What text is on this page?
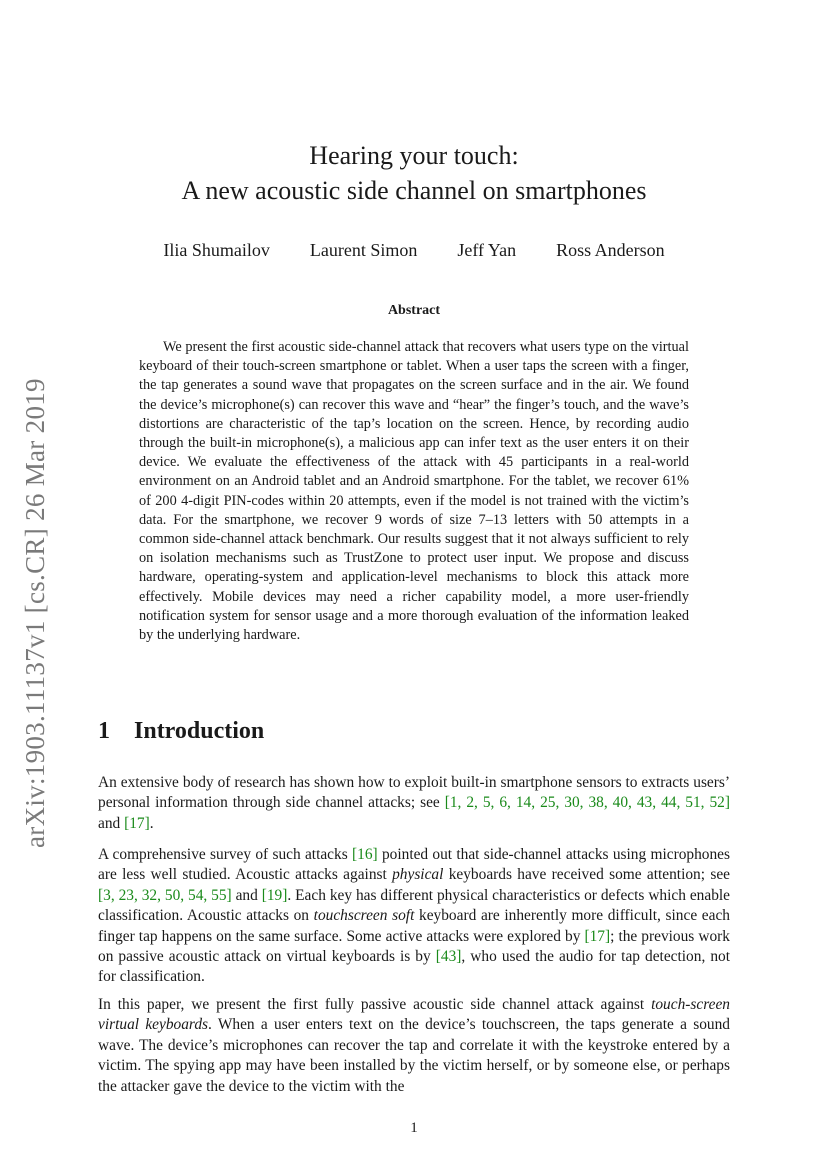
arXiv:1903.11137v1 [cs.CR] 26 Mar 2019
Hearing your touch:
A new acoustic side channel on smartphones
Ilia Shumailov Laurent Simon Jeff Yan Ross Anderson
Abstract
We present the first acoustic side-channel attack that recovers what users type on the virtual keyboard of their touch-screen smartphone or tablet. When a user taps the screen with a finger, the tap generates a sound wave that propagates on the screen surface and in the air. We found the device’s microphone(s) can recover this wave and “hear” the finger’s touch, and the wave’s distortions are characteristic of the tap’s location on the screen. Hence, by recording audio through the built-in microphone(s), a malicious app can infer text as the user enters it on their device. We evaluate the effectiveness of the attack with 45 participants in a real-world environment on an Android tablet and an Android smartphone. For the tablet, we recover 61% of 200 4-digit PIN-codes within 20 attempts, even if the model is not trained with the victim’s data. For the smartphone, we recover 9 words of size 7–13 letters with 50 attempts in a common side-channel attack benchmark. Our results suggest that it not always sufficient to rely on isolation mechanisms such as TrustZone to protect user input. We propose and discuss hardware, operating-system and application-level mechanisms to block this attack more effectively. Mobile devices may need a richer capability model, a more user-friendly notification system for sensor usage and a more thorough evaluation of the information leaked by the underlying hardware.
1 Introduction

An extensive body of research has shown how to exploit built-in smartphone sensors to extracts users’ personal information through side channel attacks; see [1, 2, 5, 6, 14, 25, 30, 38, 40, 43, 44, 51, 52] and [17].

A comprehensive survey of such attacks [16] pointed out that side-channel attacks using microphones are less well studied. Acoustic attacks against physical keyboards have received some attention; see [3, 23, 32, 50, 54, 55] and [19]. Each key has different physical characteristics or defects which enable classification. Acoustic attacks on touchscreen soft keyboard are inherently more difficult, since each finger tap happens on the same surface. Some active attacks were explored by [17]; the previous work on passive acoustic attack on virtual keyboards is by [43], who used the audio for tap detection, not for classification.

In this paper, we present the first fully passive acoustic side channel attack against touch-screen virtual keyboards. When a user enters text on the device’s touchscreen, the taps generate a sound wave. The device’s microphones can recover the tap and correlate it with the keystroke entered by a victim. The spying app may have been installed by the victim herself, or by someone else, or perhaps the attacker gave the device to the victim with the

1
